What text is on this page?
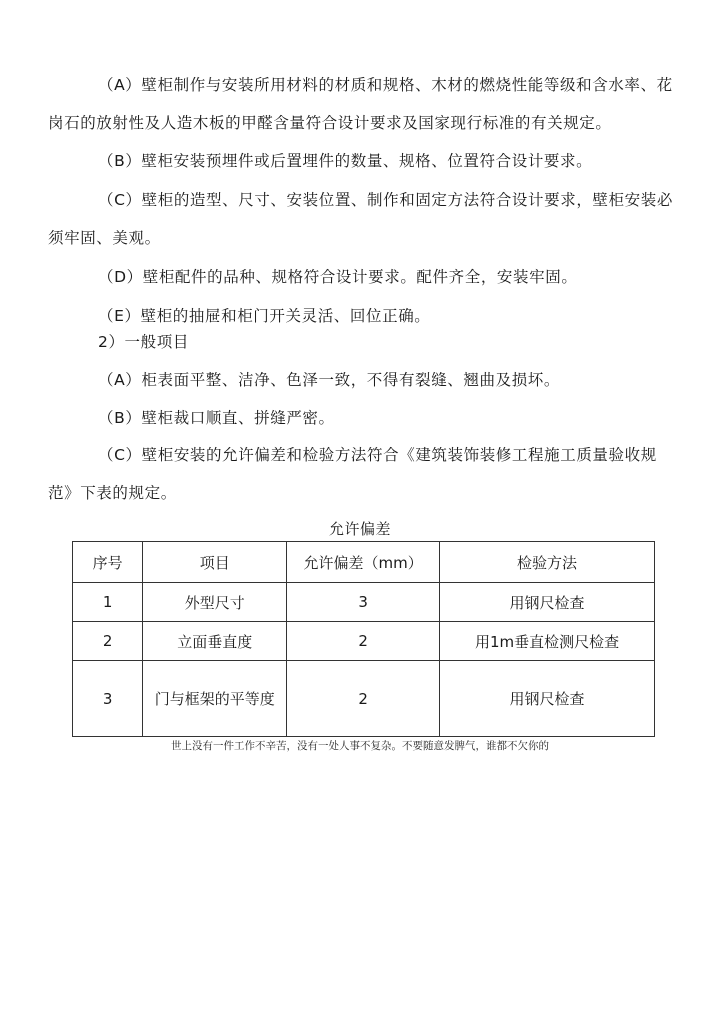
（A）壁柜制作与安装所用材料的材质和规格、木材的燃烧性能等级和含水率、花岗石的放射性及人造木板的甲醛含量符合设计要求及国家现行标准的有关规定。

（B）壁柜安装预埋件或后置埋件的数量、规格、位置符合设计要求。

（C）壁柜的造型、尺寸、安装位置、制作和固定方法符合设计要求，壁柜安装必须牢固、美观。

（D）壁柜配件的品种、规格符合设计要求。配件齐全，安装牢固。

（E）壁柜的抽屉和柜门开关灵活、回位正确。

2）一般项目

（A）柜表面平整、洁净、色泽一致，不得有裂缝、翘曲及损坏。

（B）壁柜裁口顺直、拼缝严密。

（C）壁柜安装的允许偏差和检验方法符合《建筑装饰装修工程施工质量验收规范》下表的规定。

允许偏差
序号	项目	允许偏差（mm）	检验方法
1	外型尺寸	3	用钢尺检查
2	立面垂直度	2	用1m垂直检测尺检查
3	门与框架的平等度	2	用钢尺检查
世上没有一件工作不辛苦，没有一处人事不复杂。不要随意发脾气，谁都不欠你的
